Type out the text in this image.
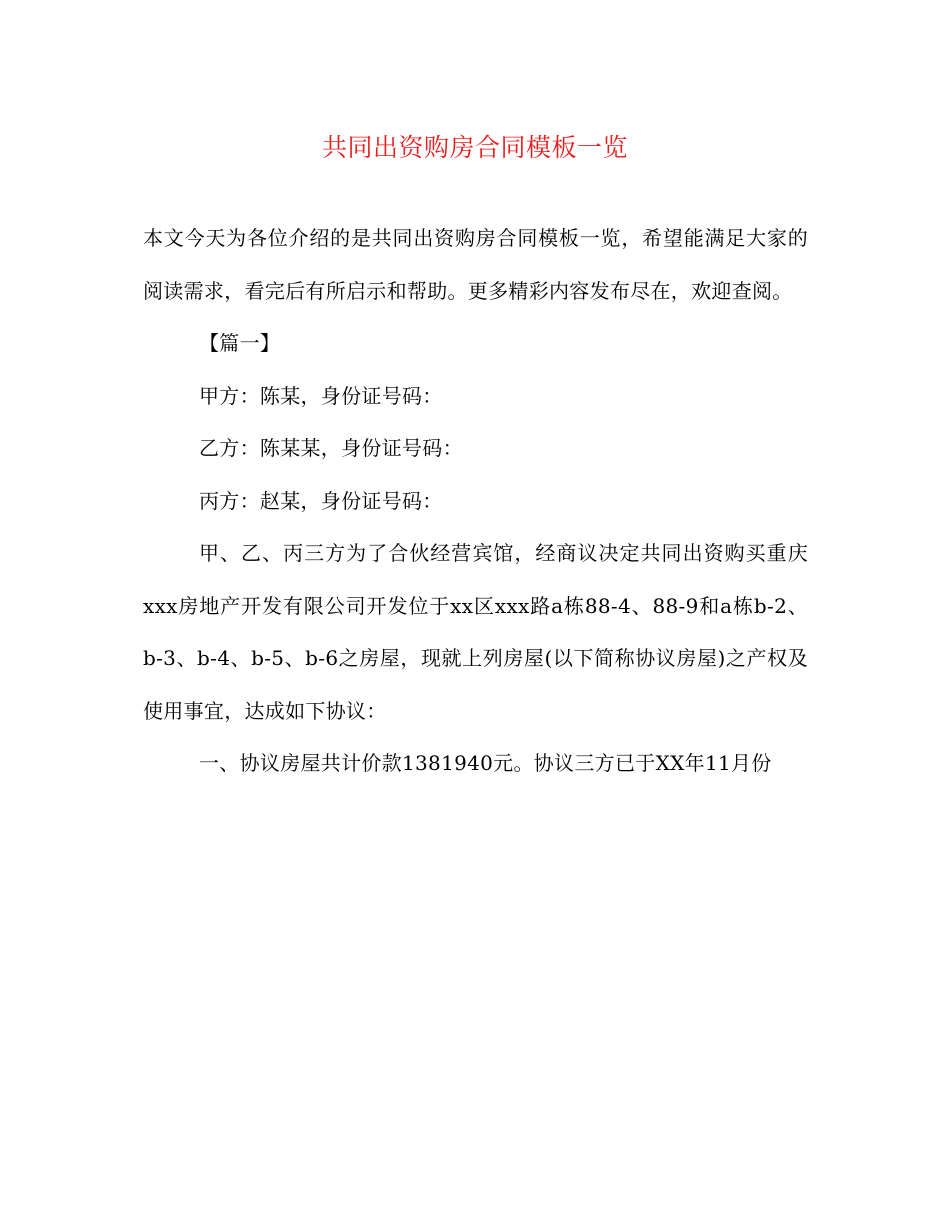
共同出资购房合同模板一览

本文今天为各位介绍的是共同出资购房合同模板一览，希望能满足大家的阅读需求，看完后有所启示和帮助。更多精彩内容发布尽在，欢迎查阅。

【篇一】

甲方：陈某，身份证号码：

乙方：陈某某，身份证号码：

丙方：赵某，身份证号码：

甲、乙、丙三方为了合伙经营宾馆，经商议决定共同出资购买重庆xxx房地产开发有限公司开发位于xx区xxx路a栋88-4、88-9和a栋b-2、b-3、b-4、b-5、b-6之房屋，现就上列房屋(以下简称协议房屋)之产权及使用事宜，达成如下协议：

一、协议房屋共计价款1381940元。协议三方已于XX年11月份
